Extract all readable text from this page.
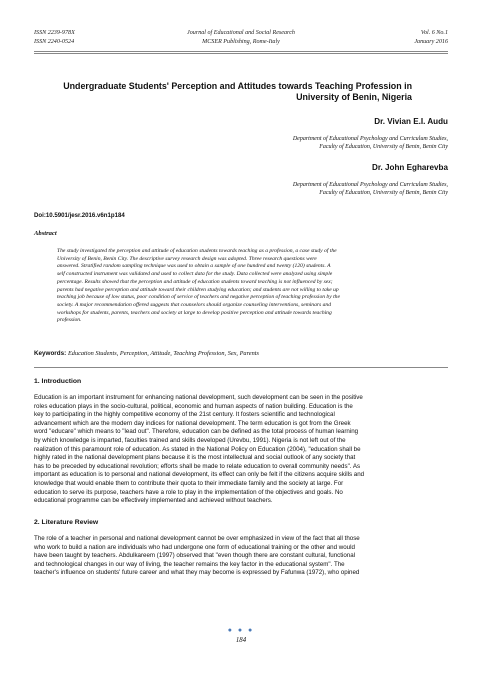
ISSN 2239-978X
ISSN 2240-0524
Journal of Educational and Social Research
MCSER Publishing, Rome-Italy
Vol. 6 No.1
January 2016
Undergraduate Students' Perception and Attitudes towards Teaching Profession in
University of Benin, Nigeria
Dr. Vivian E.I. Audu
Department of Educational Psychology and Curriculum Studies,
Faculty of Education, University of Benin, Benin City
Dr. John Egharevba
Department of Educational Psychology and Curriculum Studies,
Faculty of Education, University of Benin, Benin City
Doi:10.5901/jesr.2016.v6n1p184
Abstract
The study investigated the perception and attitude of education students towards teaching as a profession, a case study of the
University of Benin, Benin City. The descriptive survey research design was adopted. Three research questions were
answered. Stratified random sampling technique was used to obtain a sample of one hundred and twenty (120) students. A
self constructed instrument was validated and used to collect data for the study. Data collected were analyzed using simple
percentage. Results showed that the perception and attitude of education students toward teaching is not influenced by sex;
parents had negative perception and attitude toward their children studying education; and students are not willing to take up
teaching job because of low status, poor condition of service of teachers and negative perception of teaching profession by the
society. A major recommendation offered suggests that counselors should organize counseling interventions, seminars and
workshops for students, parents, teachers and society at large to develop positive perception and attitude towards teaching
profession.
Keywords: Education Students, Perception, Attitude, Teaching Profession, Sex, Parents
1. Introduction
Education is an important instrument for enhancing national development, such development can be seen in the positive
roles education plays in the socio-cultural, political, economic and human aspects of nation building. Education is the
key to participating in the highly competitive economy of the 21st century. It fosters scientific and technological
advancement which are the modern day indices for national development. The term education is got from the Greek
word "educare" which means to "lead out". Therefore, education can be defined as the total process of human learning
by which knowledge is imparted, faculties trained and skills developed (Urevbu, 1991). Nigeria is not left out of the
realization of this paramount role of education. As stated in the National Policy on Education (2004), "education shall be
highly rated in the national development plans because it is the most intellectual and social outlook of any society that
has to be preceded by educational revolution; efforts shall be made to relate education to overall community needs". As
important as education is to personal and national development, its effect can only be felt if the citizens acquire skills and
knowledge that would enable them to contribute their quota to their immediate family and the society at large. For
education to serve its purpose, teachers have a role to play in the implementation of the objectives and goals. No
educational programme can be effectively implemented and achieved without teachers.
2. Literature Review
The role of a teacher in personal and national development cannot be over emphasized in view of the fact that all those
who work to build a nation are individuals who had undergone one form of educational training or the other and would
have been taught by teachers. Abdulkareem (1997) observed that "even though there are constant cultural, functional
and technological changes in our way of living, the teacher remains the key factor in the educational system". The
teacher's influence on students' future career and what they may become is expressed by Fafunwa (1972), who opined
● ● ●
184
